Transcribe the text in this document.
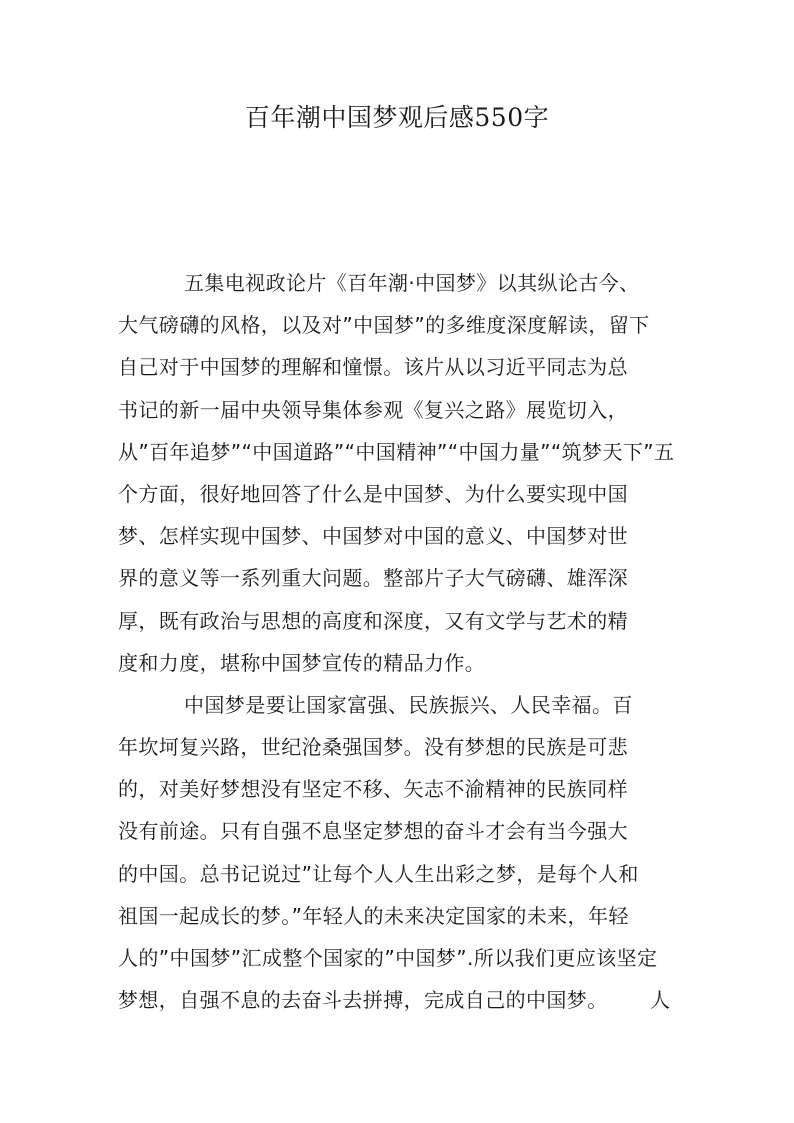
百年潮中国梦观后感550字
五集电视政论片《百年潮·中国梦》以其纵论古今、
大气磅礴的风格，以及对”中国梦”的多维度深度解读，留下
自己对于中国梦的理解和憧憬。该片从以习近平同志为总
书记的新一届中央领导集体参观《复兴之路》展览切入，
从”百年追梦”“中国道路”“中国精神”“中国力量”“筑梦天下”五
个方面，很好地回答了什么是中国梦、为什么要实现中国
梦、怎样实现中国梦、中国梦对中国的意义、中国梦对世
界的意义等一系列重大问题。整部片子大气磅礴、雄浑深
厚，既有政治与思想的高度和深度，又有文学与艺术的精
度和力度，堪称中国梦宣传的精品力作。
中国梦是要让国家富强、民族振兴、人民幸福。百
年坎坷复兴路，世纪沧桑强国梦。没有梦想的民族是可悲
的，对美好梦想没有坚定不移、矢志不渝精神的民族同样
没有前途。只有自强不息坚定梦想的奋斗才会有当今强大
的中国。总书记说过”让每个人人生出彩之梦，是每个人和
祖国一起成长的梦。”年轻人的未来决定国家的未来，年轻
人的”中国梦”汇成整个国家的”中国梦”.所以我们更应该坚定
梦想，自强不息的去奋斗去拼搏，完成自己的中国梦。 人
